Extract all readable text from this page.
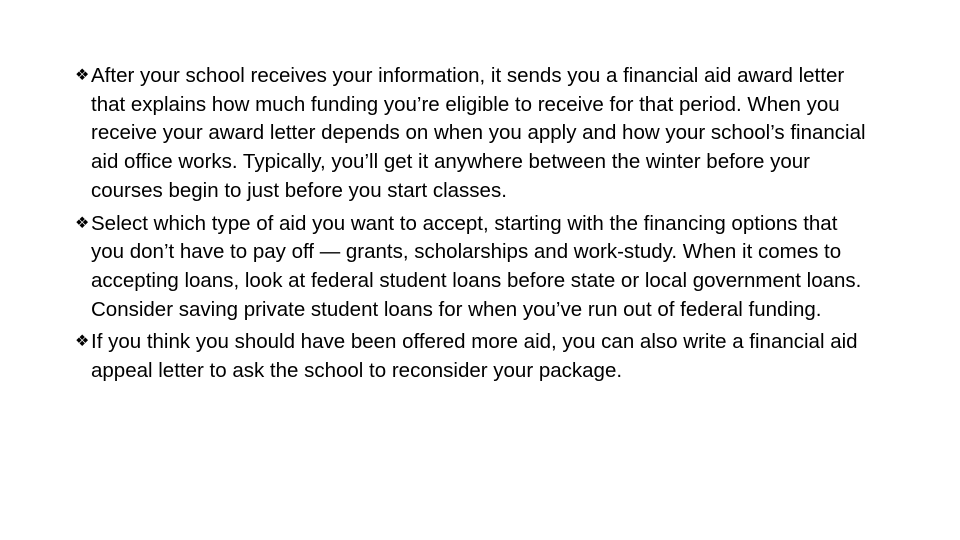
❖ After your school receives your information, it sends you a financial aid award letter that explains how much funding you’re eligible to receive for that period. When you receive your award letter depends on when you apply and how your school’s financial aid office works. Typically, you’ll get it anywhere between the winter before your courses begin to just before you start classes.
❖ Select which type of aid you want to accept, starting with the financing options that you don’t have to pay off — grants, scholarships and work-study. When it comes to accepting loans, look at federal student loans before state or local government loans. Consider saving private student loans for when you’ve run out of federal funding.
❖ If you think you should have been offered more aid, you can also write a financial aid appeal letter to ask the school to reconsider your package.
